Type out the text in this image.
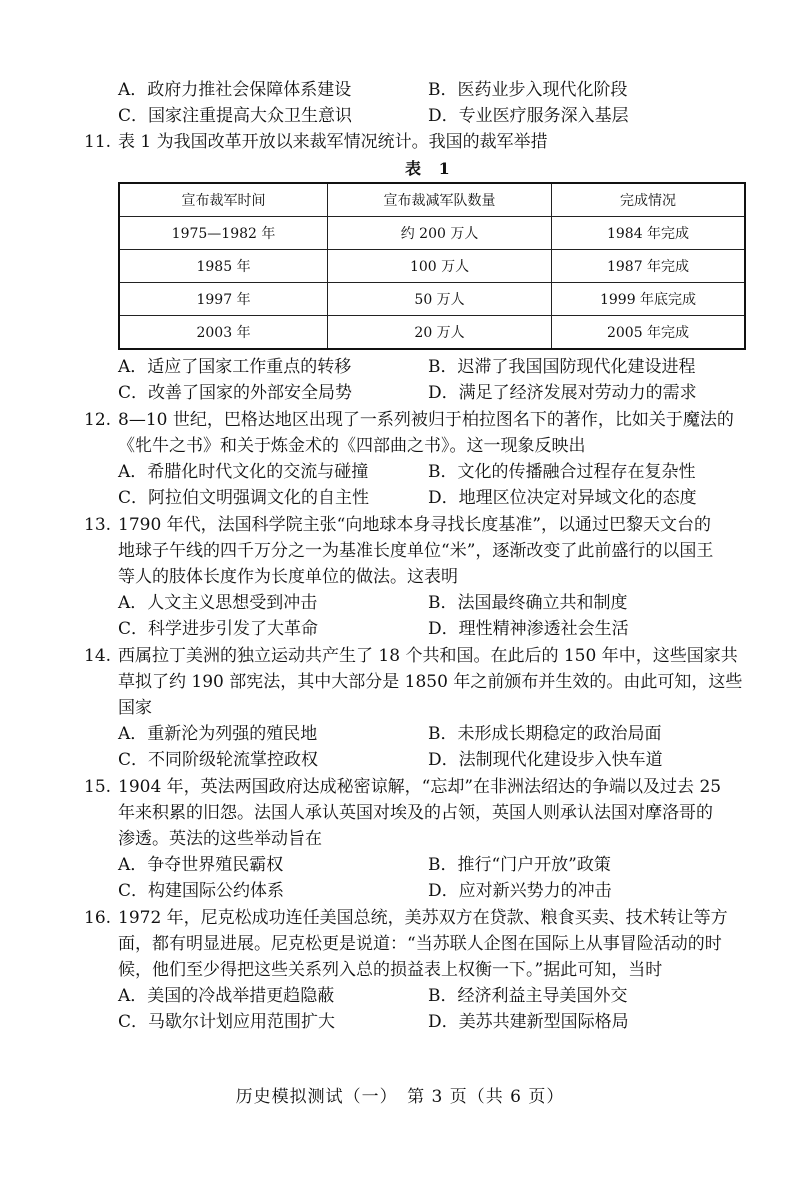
A．政府力推社会保障体系建设	B．医药业步入现代化阶段
C．国家注重提高大众卫生意识	D．专业医疗服务深入基层
11. 表 1 为我国改革开放以来裁军情况统计。我国的裁军举措
表 1
宣布裁军时间	宣布裁减军队数量	完成情况
1975—1982 年	约 200 万人	1984 年完成
1985 年	100 万人	1987 年完成
1997 年	50 万人	1999 年底完成
2003 年	20 万人	2005 年完成
A．适应了国家工作重点的转移	B．迟滞了我国国防现代化建设进程
C．改善了国家的外部安全局势	D．满足了经济发展对劳动力的需求
12. 8—10 世纪，巴格达地区出现了一系列被归于柏拉图名下的著作，比如关于魔法的
《牝牛之书》和关于炼金术的《四部曲之书》。这一现象反映出
A．希腊化时代文化的交流与碰撞	B．文化的传播融合过程存在复杂性
C．阿拉伯文明强调文化的自主性	D．地理区位决定对异域文化的态度
13. 1790 年代，法国科学院主张“向地球本身寻找长度基准”，以通过巴黎天文台的
地球子午线的四千万分之一为基准长度单位“米”，逐渐改变了此前盛行的以国王
等人的肢体长度作为长度单位的做法。这表明
A．人文主义思想受到冲击	B．法国最终确立共和制度
C．科学进步引发了大革命	D．理性精神渗透社会生活
14. 西属拉丁美洲的独立运动共产生了 18 个共和国。在此后的 150 年中，这些国家共
草拟了约 190 部宪法，其中大部分是 1850 年之前颁布并生效的。由此可知，这些
国家
A．重新沦为列强的殖民地	B．未形成长期稳定的政治局面
C．不同阶级轮流掌控政权	D．法制现代化建设步入快车道
15. 1904 年，英法两国政府达成秘密谅解，“忘却”在非洲法绍达的争端以及过去 25
年来积累的旧怨。法国人承认英国对埃及的占领，英国人则承认法国对摩洛哥的
渗透。英法的这些举动旨在
A．争夺世界殖民霸权	B．推行“门户开放”政策
C．构建国际公约体系	D．应对新兴势力的冲击
16. 1972 年，尼克松成功连任美国总统，美苏双方在贷款、粮食买卖、技术转让等方
面，都有明显进展。尼克松更是说道：“当苏联人企图在国际上从事冒险活动的时
候，他们至少得把这些关系列入总的损益表上权衡一下。”据此可知，当时
A．美国的冷战举措更趋隐蔽	B．经济利益主导美国外交
C．马歇尔计划应用范围扩大	D．美苏共建新型国际格局
历史模拟测试（一）　第 3 页（共 6 页）
